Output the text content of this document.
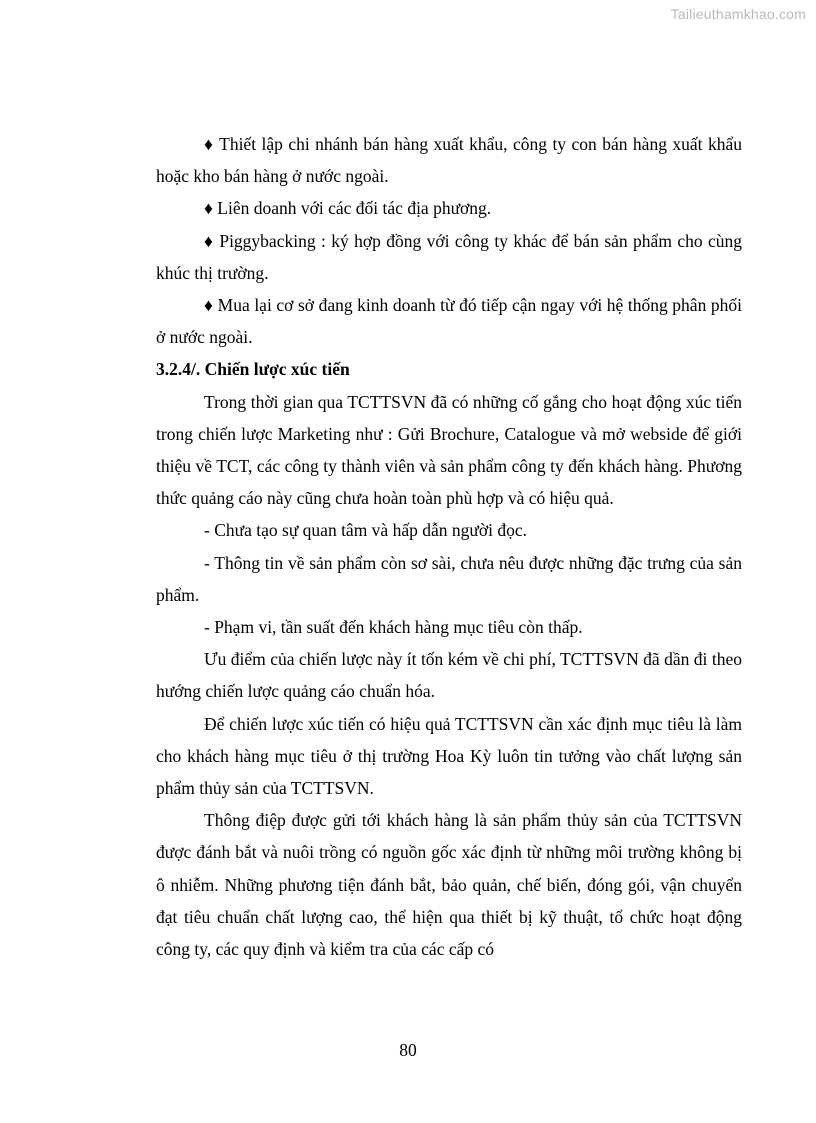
Tailieuthamkhao.com

♦ Thiết lập chi nhánh bán hàng xuất khẩu, công ty con bán hàng xuất khẩu hoặc kho bán hàng ở nước ngoài.

♦ Liên doanh với các đối tác địa phương.

♦ Piggybacking : ký hợp đồng với công ty khác để bán sản phẩm cho cùng khúc thị trường.

♦ Mua lại cơ sở đang kinh doanh từ đó tiếp cận ngay với hệ thống phân phối ở nước ngoài.

3.2.4/. Chiến lược xúc tiến

Trong thời gian qua TCTTSVN đã có những cố gắng cho hoạt động xúc tiến trong chiến lược Marketing như : Gửi Brochure, Catalogue và mở webside để giới thiệu về TCT, các công ty thành viên và sản phẩm công ty đến khách hàng. Phương thức quảng cáo này cũng chưa hoàn toàn phù hợp và có hiệu quả.

- Chưa tạo sự quan tâm và hấp dẫn người đọc.

- Thông tin về sản phẩm còn sơ sài, chưa nêu được những đặc trưng của sản phẩm.

- Phạm vi, tần suất đến khách hàng mục tiêu còn thấp.

Ưu điểm của chiến lược này ít tốn kém về chi phí, TCTTSVN đã dần đi theo hướng chiến lược quảng cáo chuẩn hóa.

Để chiến lược xúc tiến có hiệu quả TCTTSVN cần xác định mục tiêu là làm cho khách hàng mục tiêu ở thị trường Hoa Kỳ luôn tin tưởng vào chất lượng sản phẩm thủy sản của TCTTSVN.

Thông điệp được gửi tới khách hàng là sản phẩm thủy sản của TCTTSVN được đánh bắt và nuôi trồng có nguồn gốc xác định từ những môi trường không bị ô nhiễm. Những phương tiện đánh bắt, bảo quản, chế biến, đóng gói, vận chuyển đạt tiêu chuẩn chất lượng cao, thể hiện qua thiết bị kỹ thuật, tổ chức hoạt động công ty, các quy định và kiểm tra của các cấp có

80
